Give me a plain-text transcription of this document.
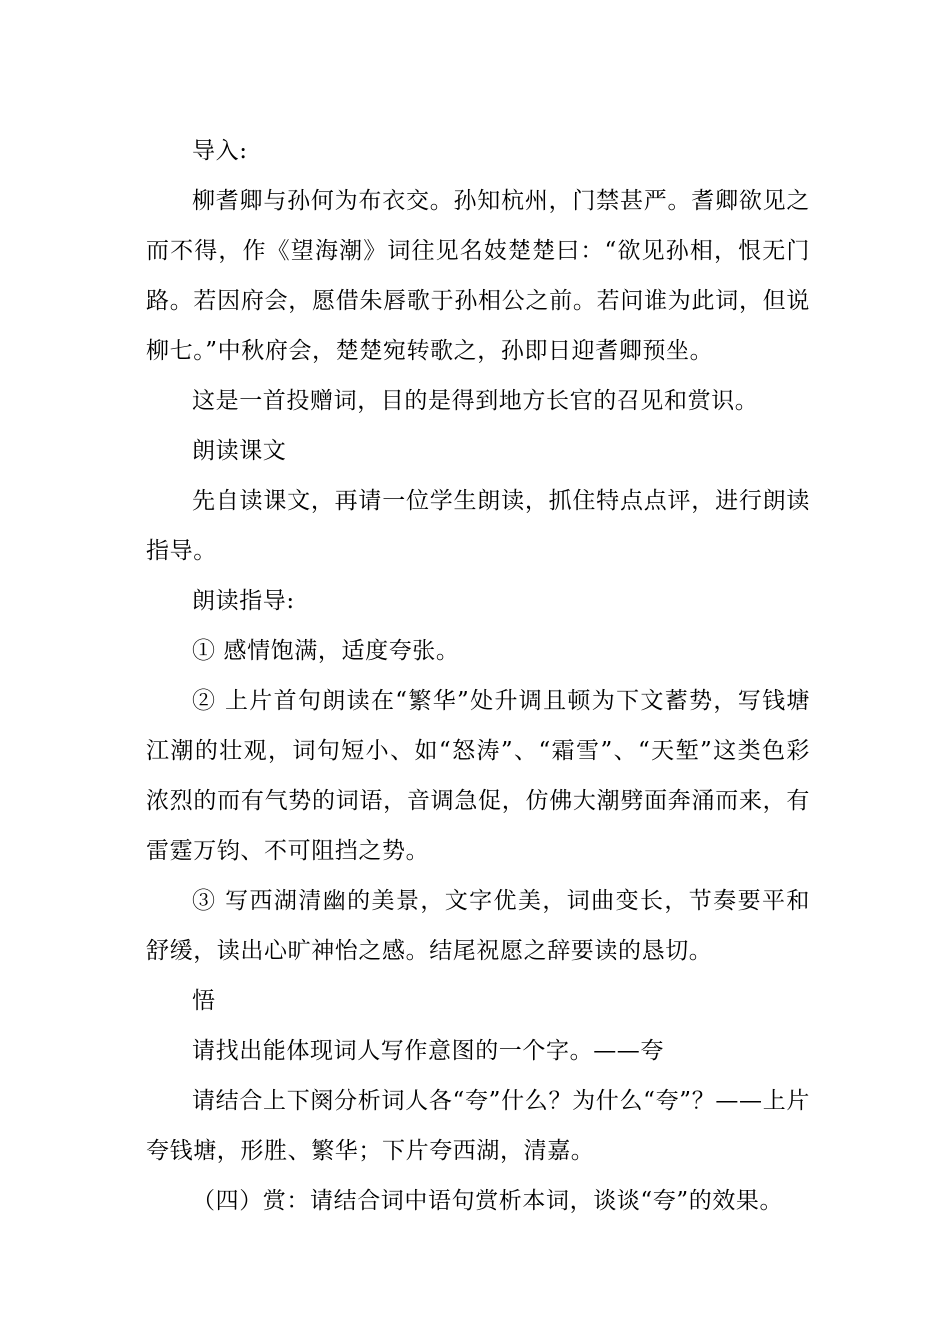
导入:

柳耆卿与孙何为布衣交。孙知杭州，门禁甚严。耆卿欲见之而不得，作《望海潮》词往见名妓楚楚曰：“欲见孙相，恨无门路。若因府会，愿借朱唇歌于孙相公之前。若问谁为此词，但说柳七。”中秋府会，楚楚宛转歌之，孙即日迎耆卿预坐。

这是一首投赠词，目的是得到地方长官的召见和赏识。

朗读课文

先自读课文，再请一位学生朗读，抓住特点点评，进行朗读指导。

朗读指导:

① 感情饱满，适度夸张。

② 上片首句朗读在“繁华”处升调且顿为下文蓄势，写钱塘江潮的壮观，词句短小、如“怒涛”、“霜雪”、“天堑”这类色彩浓烈的而有气势的词语，音调急促，仿佛大潮劈面奔涌而来，有雷霆万钧、不可阻挡之势。

③ 写西湖清幽的美景，文字优美，词曲变长，节奏要平和舒缓，读出心旷神怡之感。结尾祝愿之辞要读的恳切。

悟

请找出能体现词人写作意图的一个字。——夸

请结合上下阕分析词人各“夸”什么？为什么“夸”？——上片夸钱塘，形胜、繁华；下片夸西湖，清嘉。

（四）赏：请结合词中语句赏析本词，谈谈“夸”的效果。
